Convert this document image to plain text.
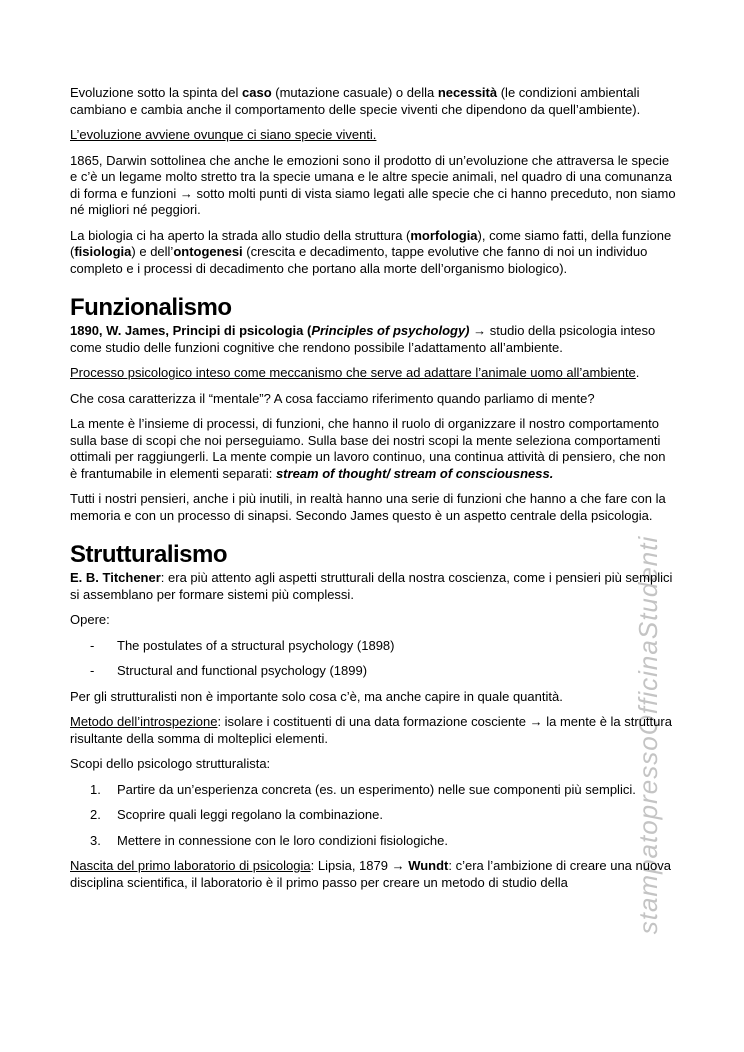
stampatopressoOfficinaStudenti

Evoluzione sotto la spinta del caso (mutazione casuale) o della necessità (le condizioni ambientali cambiano e cambia anche il comportamento delle specie viventi che dipendono da quell’ambiente).

L’evoluzione avviene ovunque ci siano specie viventi.

1865, Darwin sottolinea che anche le emozioni sono il prodotto di un’evoluzione che attraversa le specie e c’è un legame molto stretto tra la specie umana e le altre specie animali, nel quadro di una comunanza di forma e funzioni → sotto molti punti di vista siamo legati alle specie che ci hanno preceduto, non siamo né migliori né peggiori.

La biologia ci ha aperto la strada allo studio della struttura (morfologia), come siamo fatti, della funzione (fisiologia) e dell’ontogenesi (crescita e decadimento, tappe evolutive che fanno di noi un individuo completo e i processi di decadimento che portano alla morte dell’organismo biologico).

Funzionalismo

1890, W. James, Principi di psicologia (Principles of psychology) → studio della psicologia inteso come studio delle funzioni cognitive che rendono possibile l’adattamento all’ambiente.

Processo psicologico inteso come meccanismo che serve ad adattare l’animale uomo all’ambiente.

Che cosa caratterizza il “mentale”? A cosa facciamo riferimento quando parliamo di mente?

La mente è l’insieme di processi, di funzioni, che hanno il ruolo di organizzare il nostro comportamento sulla base di scopi che noi perseguiamo. Sulla base dei nostri scopi la mente seleziona comportamenti ottimali per raggiungerli. La mente compie un lavoro continuo, una continua attività di pensiero, che non è frantumabile in elementi separati: stream of thought/ stream of consciousness.

Tutti i nostri pensieri, anche i più inutili, in realtà hanno una serie di funzioni che hanno a che fare con la memoria e con un processo di sinapsi. Secondo James questo è un aspetto centrale della psicologia.

Strutturalismo

E. B. Titchener: era più attento agli aspetti strutturali della nostra coscienza, come i pensieri più semplici si assemblano per formare sistemi più complessi.

Opere:

-	The postulates of a structural psychology (1898)
-	Structural and functional psychology (1899)

Per gli strutturalisti non è importante solo cosa c’è, ma anche capire in quale quantità.

Metodo dell’introspezione: isolare i costituenti di una data formazione cosciente → la mente è la struttura risultante della somma di molteplici elementi.

Scopi dello psicologo strutturalista:

1.	Partire da un’esperienza concreta (es. un esperimento) nelle sue componenti più semplici.
2.	Scoprire quali leggi regolano la combinazione.
3.	Mettere in connessione con le loro condizioni fisiologiche.

Nascita del primo laboratorio di psicologia: Lipsia, 1879 → Wundt: c’era l’ambizione di creare una nuova disciplina scientifica, il laboratorio è il primo passo per creare un metodo di studio della
